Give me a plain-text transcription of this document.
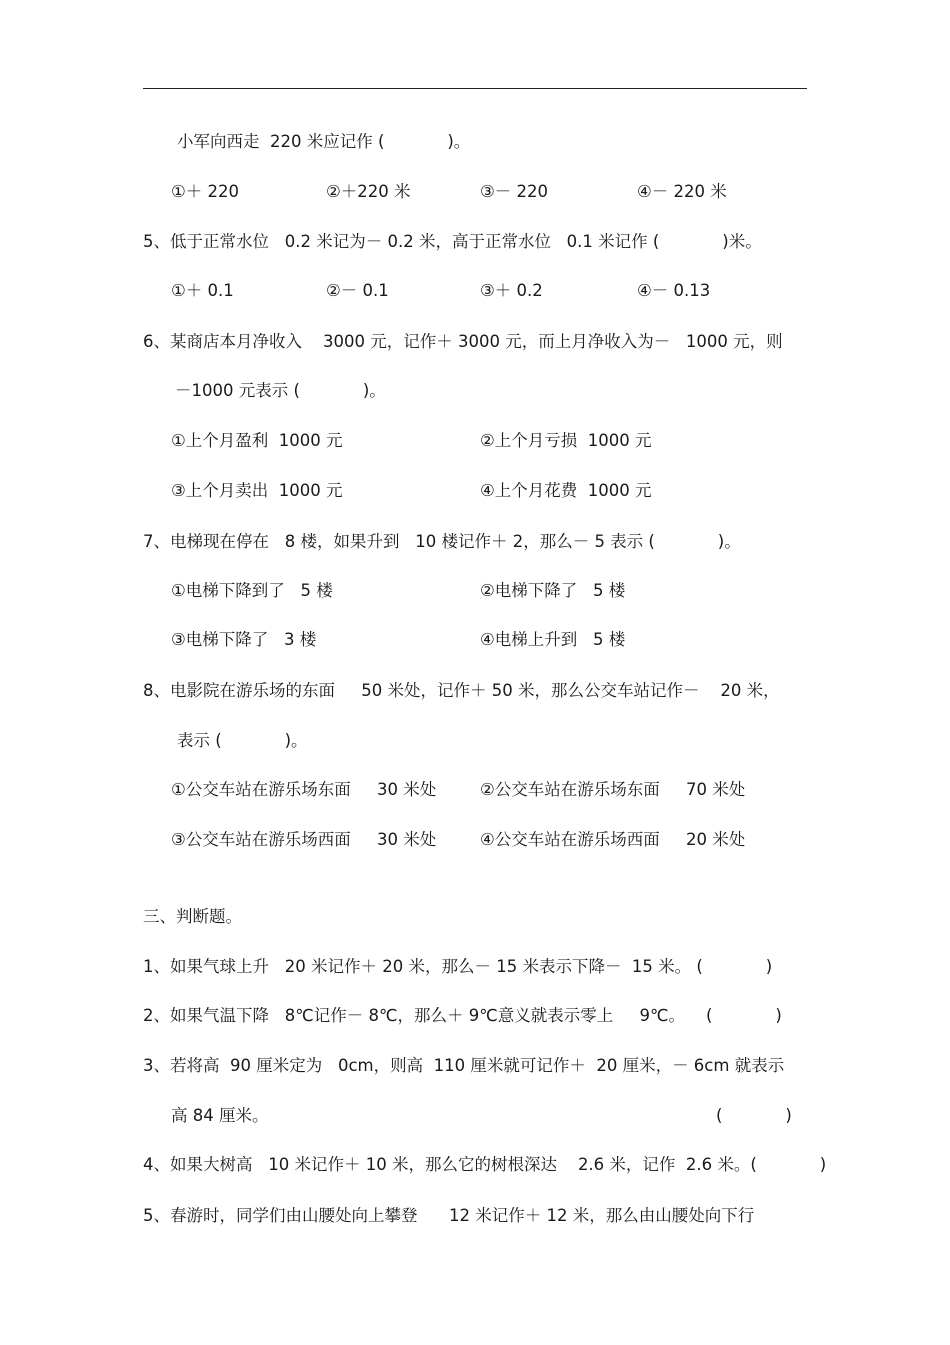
小军向西走  220 米应记作 (            )。
①＋ 220	②＋220 米	③－ 220	④－ 220 米
5、低于正常水位   0.2 米记为－ 0.2 米，高于正常水位   0.1 米记作 (            )米。
①＋ 0.1	②－ 0.1	③＋ 0.2	④－ 0.13
6、某商店本月净收入    3000 元，记作＋ 3000 元，而上月净收入为－   1000 元，则
－1000 元表示 (            )。
①上个月盈利  1000 元	②上个月亏损  1000 元
③上个月卖出  1000 元	④上个月花费  1000 元
7、电梯现在停在   8 楼，如果升到   10 楼记作＋ 2，那么－ 5 表示 (            )。
①电梯下降到了   5 楼	②电梯下降了   5 楼
③电梯下降了   3 楼	④电梯上升到   5 楼
8、电影院在游乐场的东面     50 米处，记作＋ 50 米，那么公交车站记作－    20 米，
表示 (            )。
①公交车站在游乐场东面     30 米处	②公交车站在游乐场东面     70 米处
③公交车站在游乐场西面     30 米处	④公交车站在游乐场西面     20 米处
三、判断题。
1、如果气球上升   20 米记作＋ 20 米，那么－ 15 米表示下降－  15 米。 (            )
2、如果气温下降   8℃记作－ 8℃，那么＋ 9℃意义就表示零上     9℃。    (            )
3、若将高  90 厘米定为   0cm，则高  110 厘米就可记作＋  20 厘米，－ 6cm 就表示
高 84 厘米。	(            )
4、如果大树高   10 米记作＋ 10 米，那么它的树根深达    2.6 米，记作  2.6 米。(            )
5、春游时，同学们由山腰处向上攀登      12 米记作＋ 12 米，那么由山腰处向下行
